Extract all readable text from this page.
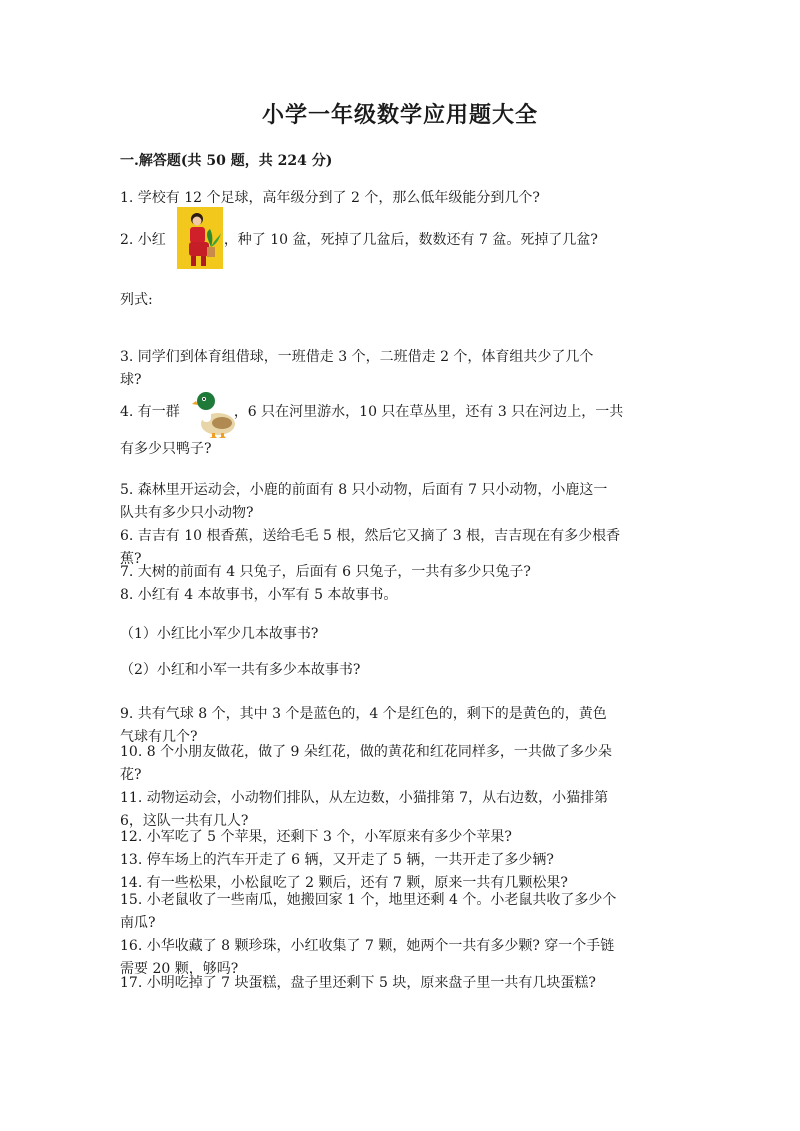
小学一年级数学应用题大全
一.解答题(共 50 题，共 224 分)
1. 学校有 12 个足球，高年级分到了 2 个，那么低年级能分到几个?
2. 小红	，种了 10 盆，死掉了几盆后，数数还有 7 盆。死掉了几盆?
列式:
3. 同学们到体育组借球，一班借走 3 个，二班借走 2 个，体育组共少了几个
球?
4. 有一群	，6 只在河里游水，10 只在草丛里，还有 3 只在河边上，一共
有多少只鸭子?
5. 森林里开运动会，小鹿的前面有 8 只小动物，后面有 7 只小动物，小鹿这一
队共有多少只小动物?
6. 吉吉有 10 根香蕉，送给毛毛 5 根，然后它又摘了 3 根，吉吉现在有多少根香
蕉?
7. 大树的前面有 4 只兔子，后面有 6 只兔子，一共有多少只兔子?
8. 小红有 4 本故事书，小军有 5 本故事书。
（1）小红比小军少几本故事书?
（2）小红和小军一共有多少本故事书?
9. 共有气球 8 个，其中 3 个是蓝色的，4 个是红色的，剩下的是黄色的，黄色
气球有几个?
10. 8 个小朋友做花，做了 9 朵红花，做的黄花和红花同样多，一共做了多少朵
花?
11. 动物运动会，小动物们排队，从左边数，小猫排第 7，从右边数，小猫排第
6，这队一共有几人?
12. 小军吃了 5 个苹果，还剩下 3 个，小军原来有多少个苹果?
13. 停车场上的汽车开走了 6 辆，又开走了 5 辆，一共开走了多少辆?
14. 有一些松果，小松鼠吃了 2 颗后，还有 7 颗，原来一共有几颗松果?
15. 小老鼠收了一些南瓜，她搬回家 1 个，地里还剩 4 个。小老鼠共收了多少个
南瓜?
16. 小华收藏了 8 颗珍珠，小红收集了 7 颗，她两个一共有多少颗? 穿一个手链
需要 20 颗，够吗?
17. 小明吃掉了 7 块蛋糕，盘子里还剩下 5 块，原来盘子里一共有几块蛋糕?
